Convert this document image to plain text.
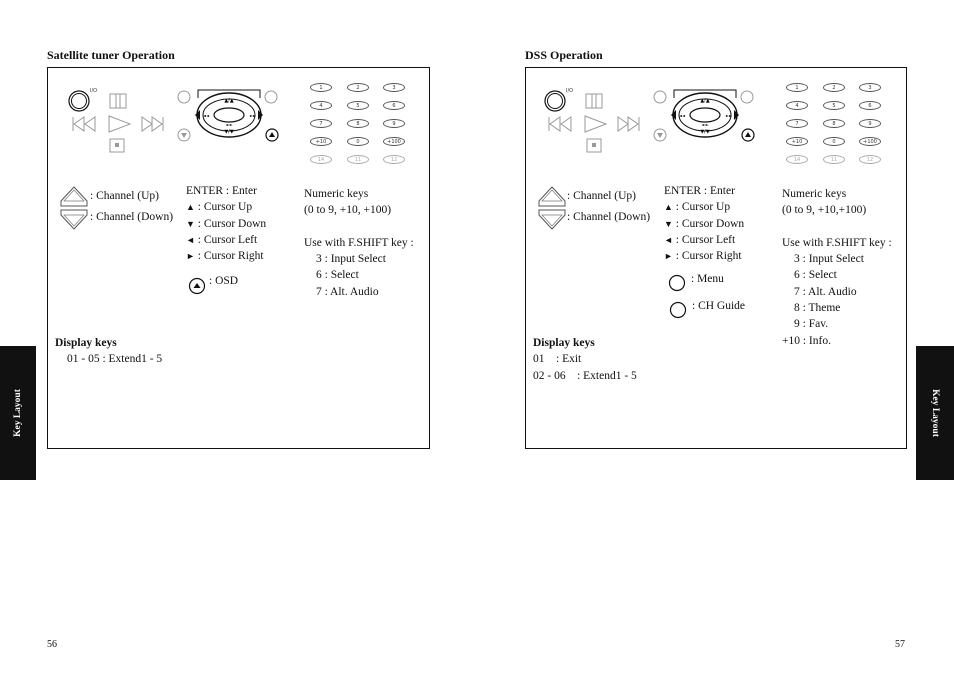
Satellite tuner Operation
I/O
▲/▲
▼/▼
◄◄	►►
◄ ►
1	2	3
4	5	6
7	8	9
+10	0	+100
14	11	12
: Channel (Up)
: Channel (Down)
ENTER : Enter
▲ : Cursor Up
▼ : Cursor Down
◄ : Cursor Left
► : Cursor Right
: OSD
Numeric keys
(0 to 9, +10, +100)
Use with F.SHIFT key :
3 : Input Select
6 : Select
7 : Alt. Audio
Display keys
01 - 05 : Extend1 - 5
Key Layout
56
DSS Operation
I/O
▲/▲
▼/▼
◄◄	►►
◄ ►
1	2	3
4	5	6
7	8	9
+10	0	+100
14	11	12
: Channel (Up)
: Channel (Down)
ENTER : Enter
▲ : Cursor Up
▼ : Cursor Down
◄ : Cursor Left
► : Cursor Right
: Menu
: CH Guide
Numeric keys
(0 to 9, +10,+100)
Use with F.SHIFT key :
3 : Input Select
6 : Select
7 : Alt. Audio
8 : Theme
9 : Fav.
+10 : Info.
Display keys
01    : Exit
02 - 06    : Extend1 - 5
Key Layout
57
